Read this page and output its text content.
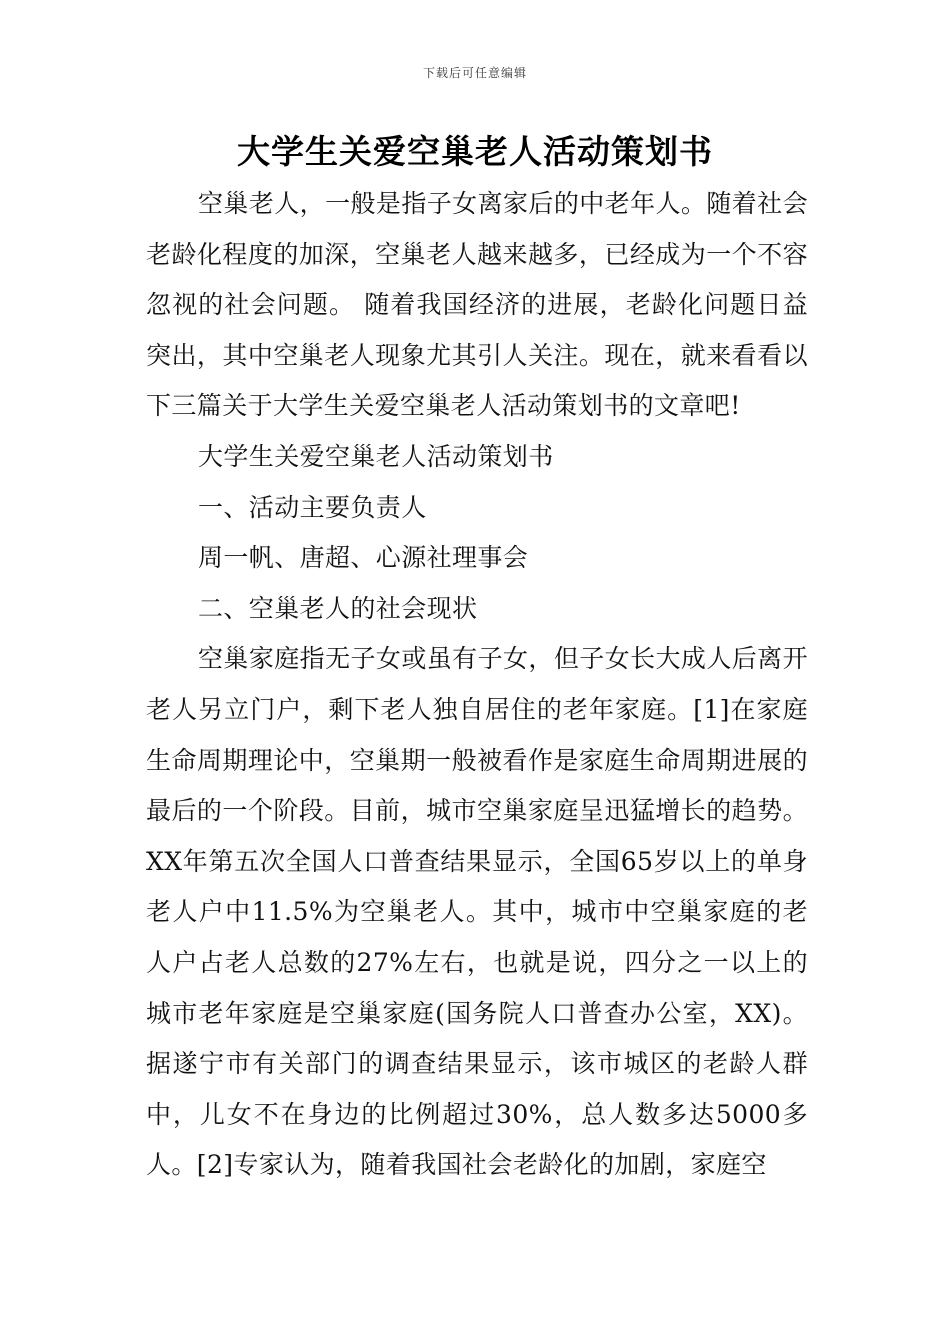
下载后可任意编辑
大学生关爱空巢老人活动策划书

空巢老人，一般是指子女离家后的中老年人。随着社会老龄化程度的加深，空巢老人越来越多，已经成为一个不容忽视的社会问题。 随着我国经济的进展，老龄化问题日益突出，其中空巢老人现象尤其引人关注。现在，就来看看以下三篇关于大学生关爱空巢老人活动策划书的文章吧!

大学生关爱空巢老人活动策划书

一、活动主要负责人

周一帆、唐超、心源社理事会

二、空巢老人的社会现状

空巢家庭指无子女或虽有子女，但子女长大成人后离开老人另立门户，剩下老人独自居住的老年家庭。[1]在家庭生命周期理论中，空巢期一般被看作是家庭生命周期进展的最后的一个阶段。目前，城市空巢家庭呈迅猛增长的趋势。XX年第五次全国人口普查结果显示，全国65岁以上的单身老人户中11.5%为空巢老人。其中，城市中空巢家庭的老人户占老人总数的27%左右，也就是说，四分之一以上的城市老年家庭是空巢家庭(国务院人口普查办公室，XX)。据遂宁市有关部门的调查结果显示，该市城区的老龄人群中，儿女不在身边的比例超过30%，总人数多达5000多人。[2]专家认为，随着我国社会老龄化的加剧，家庭空
